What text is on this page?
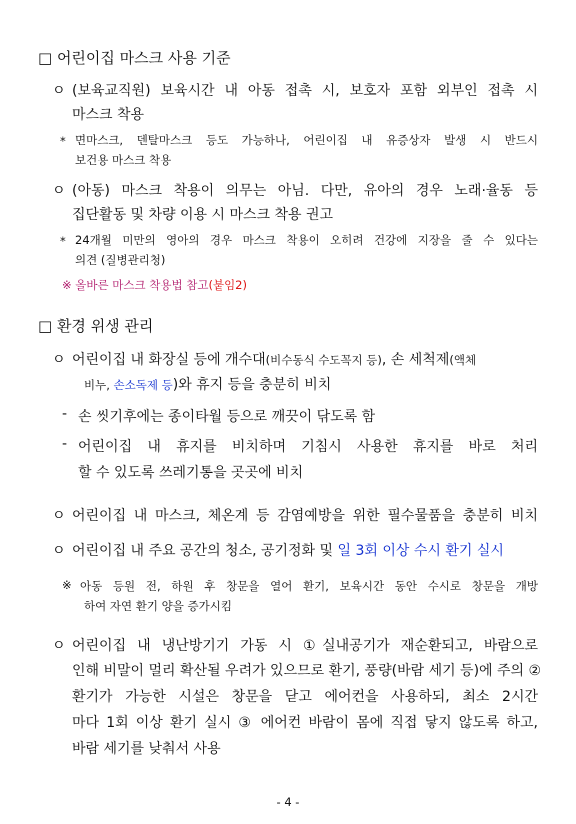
□ 어린이집 마스크 사용 기준
ㅇ (보육교직원) 보육시간 내 아동 접촉 시, 보호자 포함 외부인 접촉 시
마스크 착용
* 면마스크, 덴탈마스크 등도 가능하나, 어린이집 내 유증상자 발생 시 반드시
보건용 마스크 착용
ㅇ (아동) 마스크 착용이 의무는 아님. 다만, 유아의 경우 노래·율동 등
집단활동 및 차량 이용 시 마스크 착용 권고
* 24개월 미만의 영아의 경우 마스크 착용이 오히려 건강에 지장을 줄 수 있다는
의견 (질병관리청)
※ 올바른 마스크 착용법 참고(붙임2)
□ 환경 위생 관리
ㅇ 어린이집 내 화장실 등에 개수대(비수동식 수도꼭지 등), 손 세척제(액체
비누, 손소독제 등)와 휴지 등을 충분히 비치
- 손 씻기후에는 종이타월 등으로 깨끗이 닦도록 함
- 어린이집 내 휴지를 비치하며 기침시 사용한 휴지를 바로 처리
할 수 있도록 쓰레기통을 곳곳에 비치
ㅇ 어린이집 내 마스크, 체온계 등 감염예방을 위한 필수물품을 충분히 비치
ㅇ 어린이집 내 주요 공간의 청소, 공기정화 및 일 3회 이상 수시 환기 실시
※ 아동 등원 전, 하원 후 창문을 열어 환기, 보육시간 동안 수시로 창문을 개방
하여 자연 환기 양을 증가시킴
ㅇ 어린이집 내 냉난방기기 가동 시 ①실내공기가 재순환되고, 바람으로
인해 비말이 멀리 확산될 우려가 있으므로 환기, 풍량(바람 세기 등)에 주의 ②
환기가 가능한 시설은 창문을 닫고 에어컨을 사용하되, 최소 2시간
마다 1회 이상 환기 실시 ③ 에어컨 바람이 몸에 직접 닿지 않도록 하고,
바람 세기를 낮춰서 사용
- 4 -
